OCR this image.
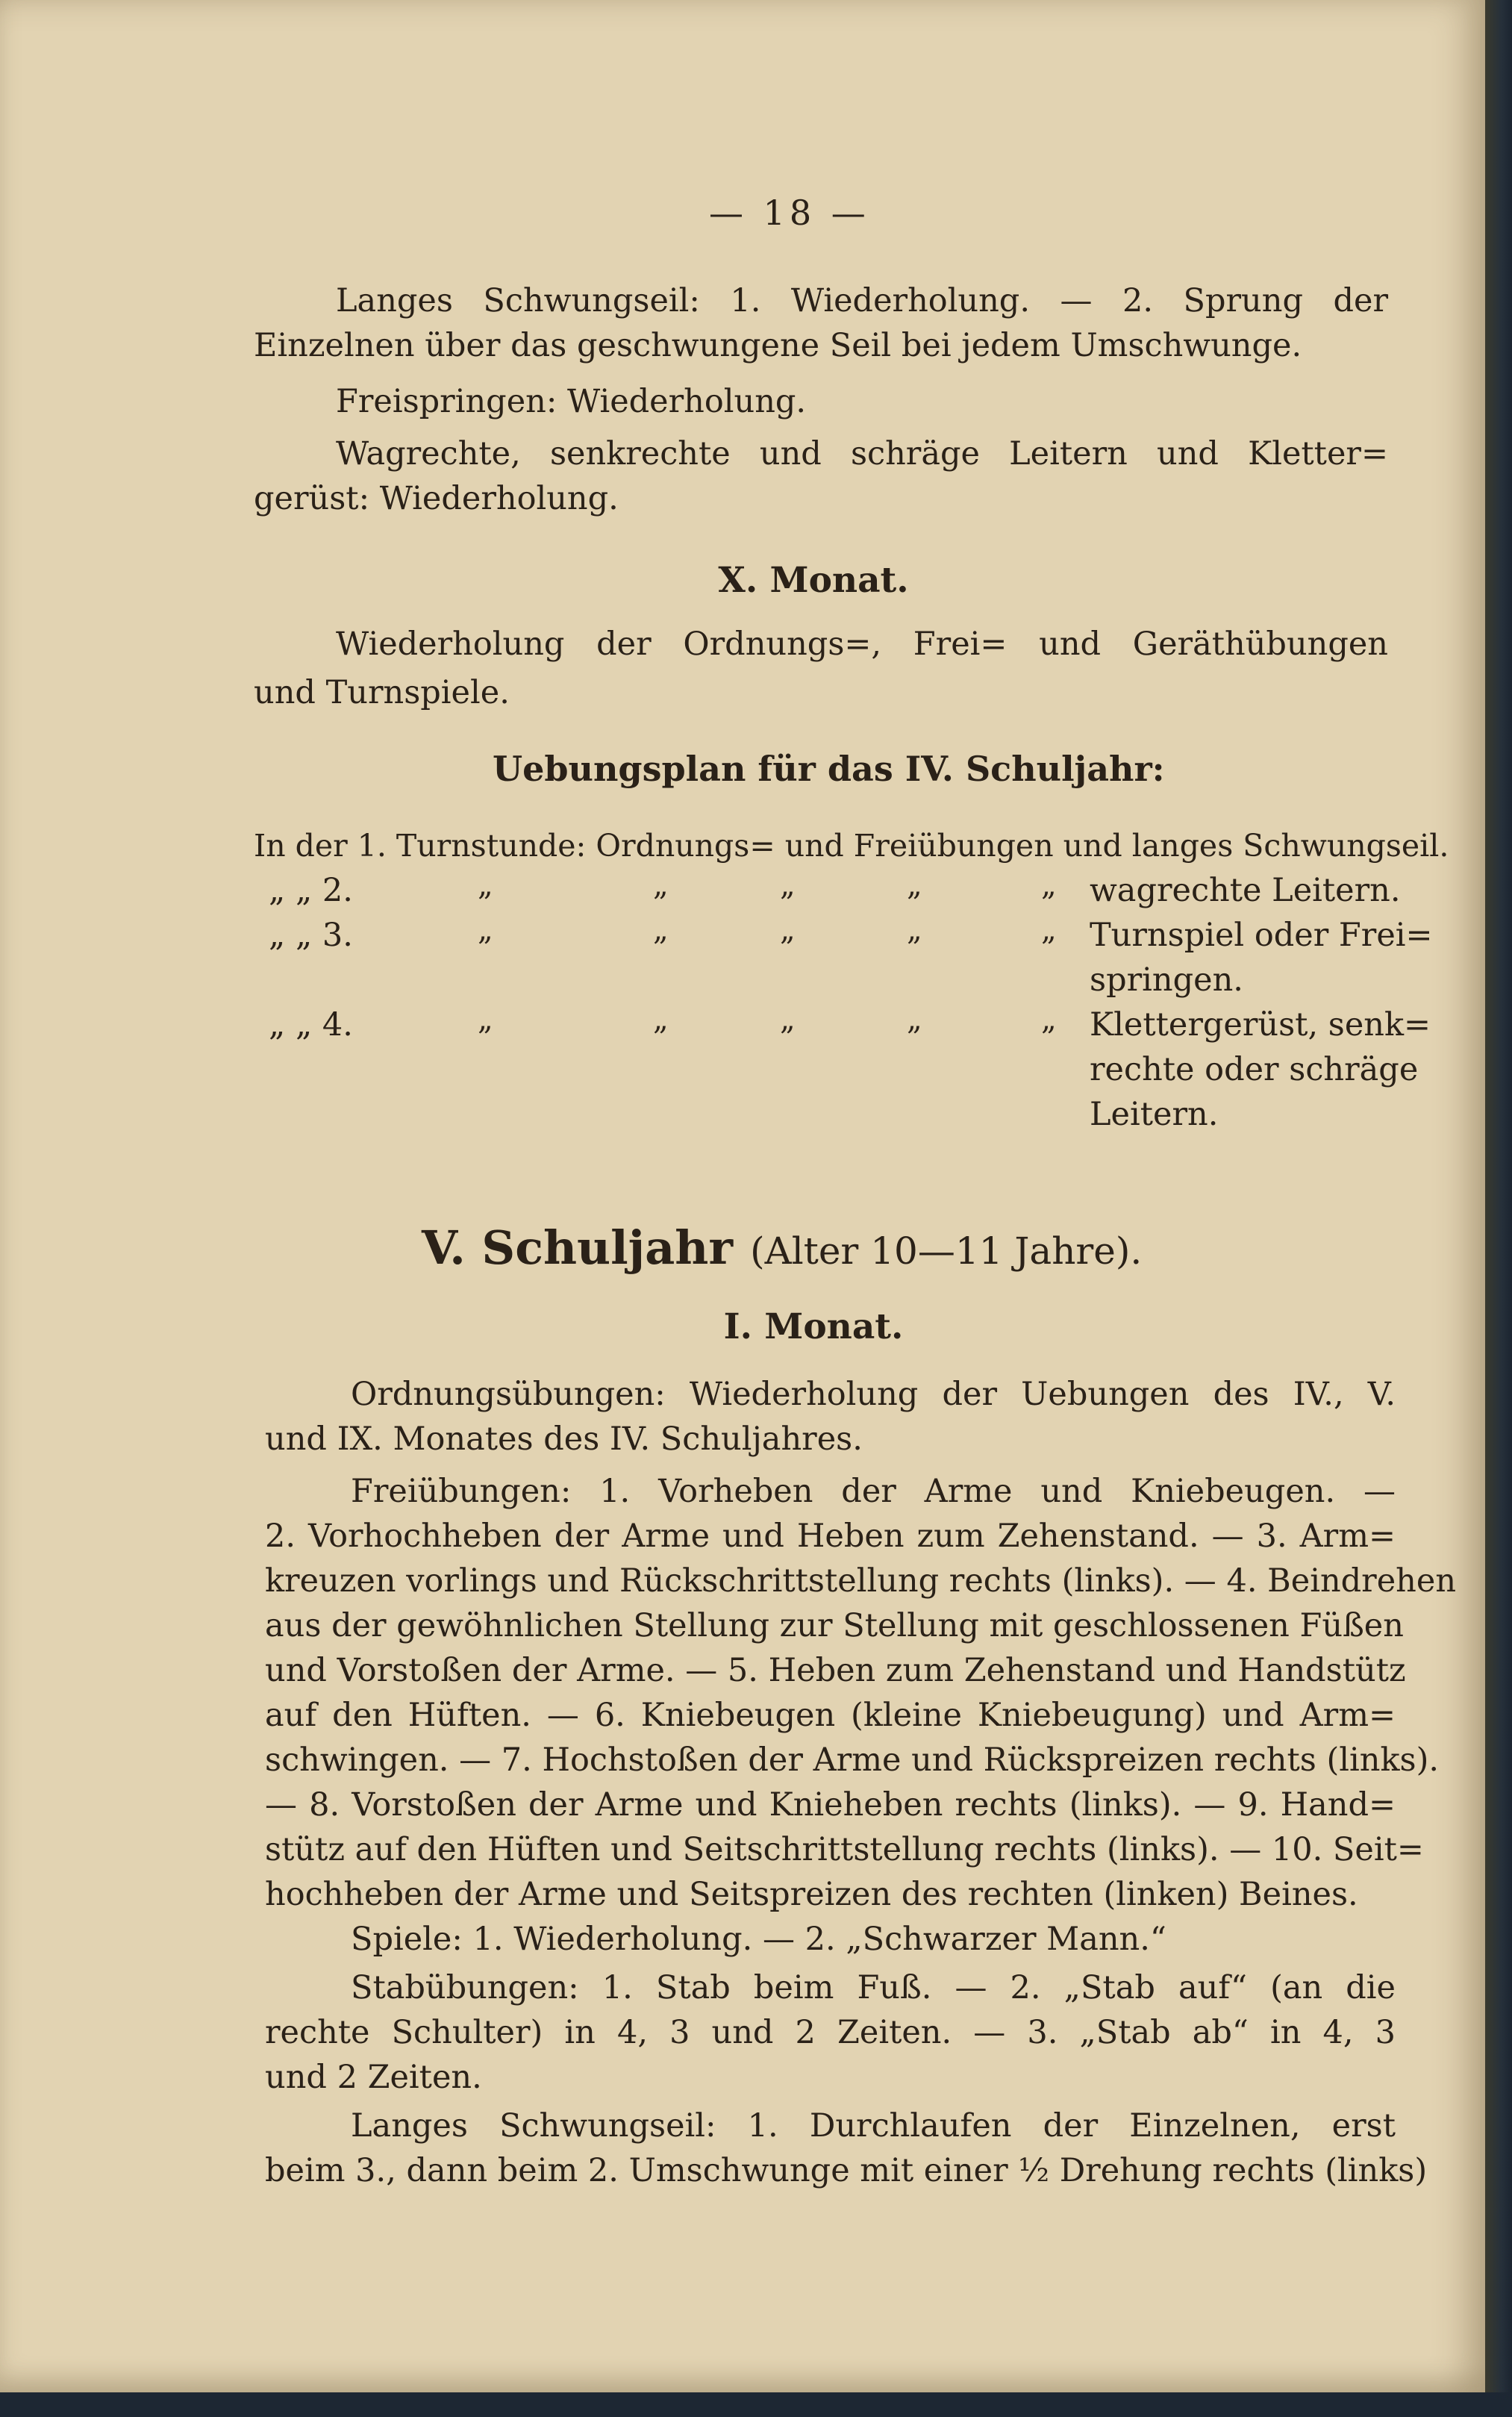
— 18 —
Langes Schwungseil: 1. Wiederholung. — 2. Sprung der
Einzelnen über das geschwungene Seil bei jedem Umschwunge.
Freispringen: Wiederholung.
Wagrechte, senkrechte und schräge Leitern und Kletter=
gerüst: Wiederholung.
X. Monat.
Wiederholung der Ordnungs=, Frei= und Geräthübungen
und Turnspiele.
Uebungsplan für das IV. Schuljahr:
In der 1. Turnstunde: Ordnungs= und Freiübungen und langes Schwungseil.
„ „ 2.	„	„	„	„	„ wagrechte Leitern.
„ „ 3.	„	„	„	„	„ Turnspiel oder Frei=
springen.
„ „ 4.	„	„	„	„	„ Klettergerüst, senk=
rechte oder schräge
Leitern.
V. Schuljahr (Alter 10—11 Jahre).
I. Monat.
Ordnungsübungen: Wiederholung der Uebungen des IV., V.
und IX. Monates des IV. Schuljahres.
Freiübungen: 1. Vorheben der Arme und Kniebeugen. —
2. Vorhochheben der Arme und Heben zum Zehenstand. — 3. Arm=
kreuzen vorlings und Rückschrittstellung rechts (links). — 4. Beindrehen
aus der gewöhnlichen Stellung zur Stellung mit geschlossenen Füßen
und Vorstoßen der Arme. — 5. Heben zum Zehenstand und Handstütz
auf den Hüften. — 6. Kniebeugen (kleine Kniebeugung) und Arm=
schwingen. — 7. Hochstoßen der Arme und Rückspreizen rechts (links).
— 8. Vorstoßen der Arme und Knieheben rechts (links). — 9. Hand=
stütz auf den Hüften und Seitschrittstellung rechts (links). — 10. Seit=
hochheben der Arme und Seitspreizen des rechten (linken) Beines.
Spiele: 1. Wiederholung. — 2. „Schwarzer Mann.“
Stabübungen: 1. Stab beim Fuß. — 2. „Stab auf“ (an die
rechte Schulter) in 4, 3 und 2 Zeiten. — 3. „Stab ab“ in 4, 3
und 2 Zeiten.
Langes Schwungseil: 1. Durchlaufen der Einzelnen, erst
beim 3., dann beim 2. Umschwunge mit einer ½ Drehung rechts (links)
